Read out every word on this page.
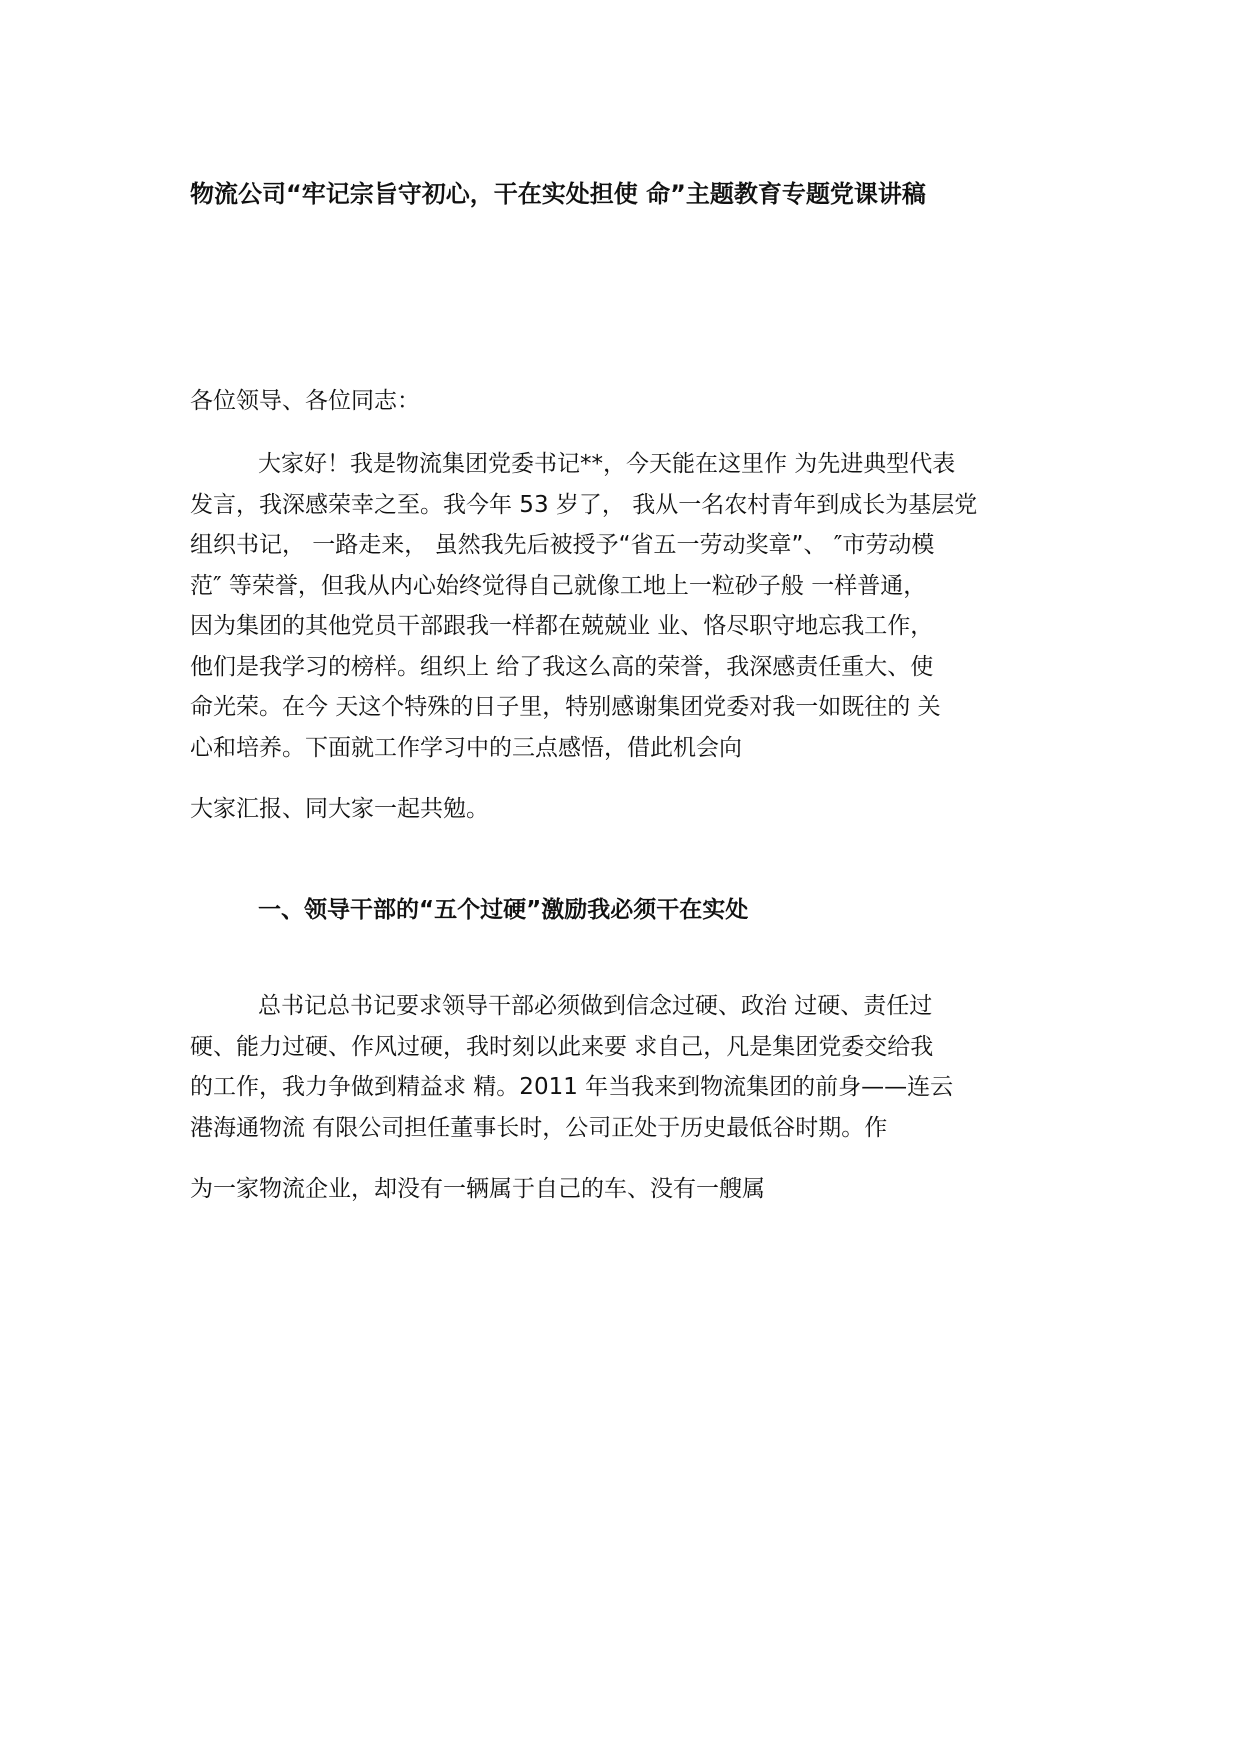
物流公司“牢记宗旨守初心，干在实处担使 命”主题教育专题党课讲稿
各位领导、各位同志：
大家好！我是物流集团党委书记**，今天能在这里作 为先进典型代表
发言，我深感荣幸之至。我今年 53 岁了， 我从一名农村青年到成长为基层党
组织书记， 一路走来， 虽然我先后被授予“省五一劳动奖章”、 ″市劳动模
范″ 等荣誉，但我从内心始终觉得自己就像工地上一粒砂子般 一样普通，
因为集团的其他党员干部跟我一样都在兢兢业 业、恪尽职守地忘我工作，
他们是我学习的榜样。组织上 给了我这么高的荣誉，我深感责任重大、使
命光荣。在今 天这个特殊的日子里，特别感谢集团党委对我一如既往的 关
心和培养。下面就工作学习中的三点感悟，借此机会向
大家汇报、同大家一起共勉。
一、领导干部的“五个过硬”激励我必须干在实处
总书记总书记要求领导干部必须做到信念过硬、政治 过硬、责任过
硬、能力过硬、作风过硬，我时刻以此来要 求自己，凡是集团党委交给我
的工作，我力争做到精益求 精。2011 年当我来到物流集团的前身——连云
港海通物流 有限公司担任董事长时，公司正处于历史最低谷时期。作
为一家物流企业，却没有一辆属于自己的车、没有一艘属
